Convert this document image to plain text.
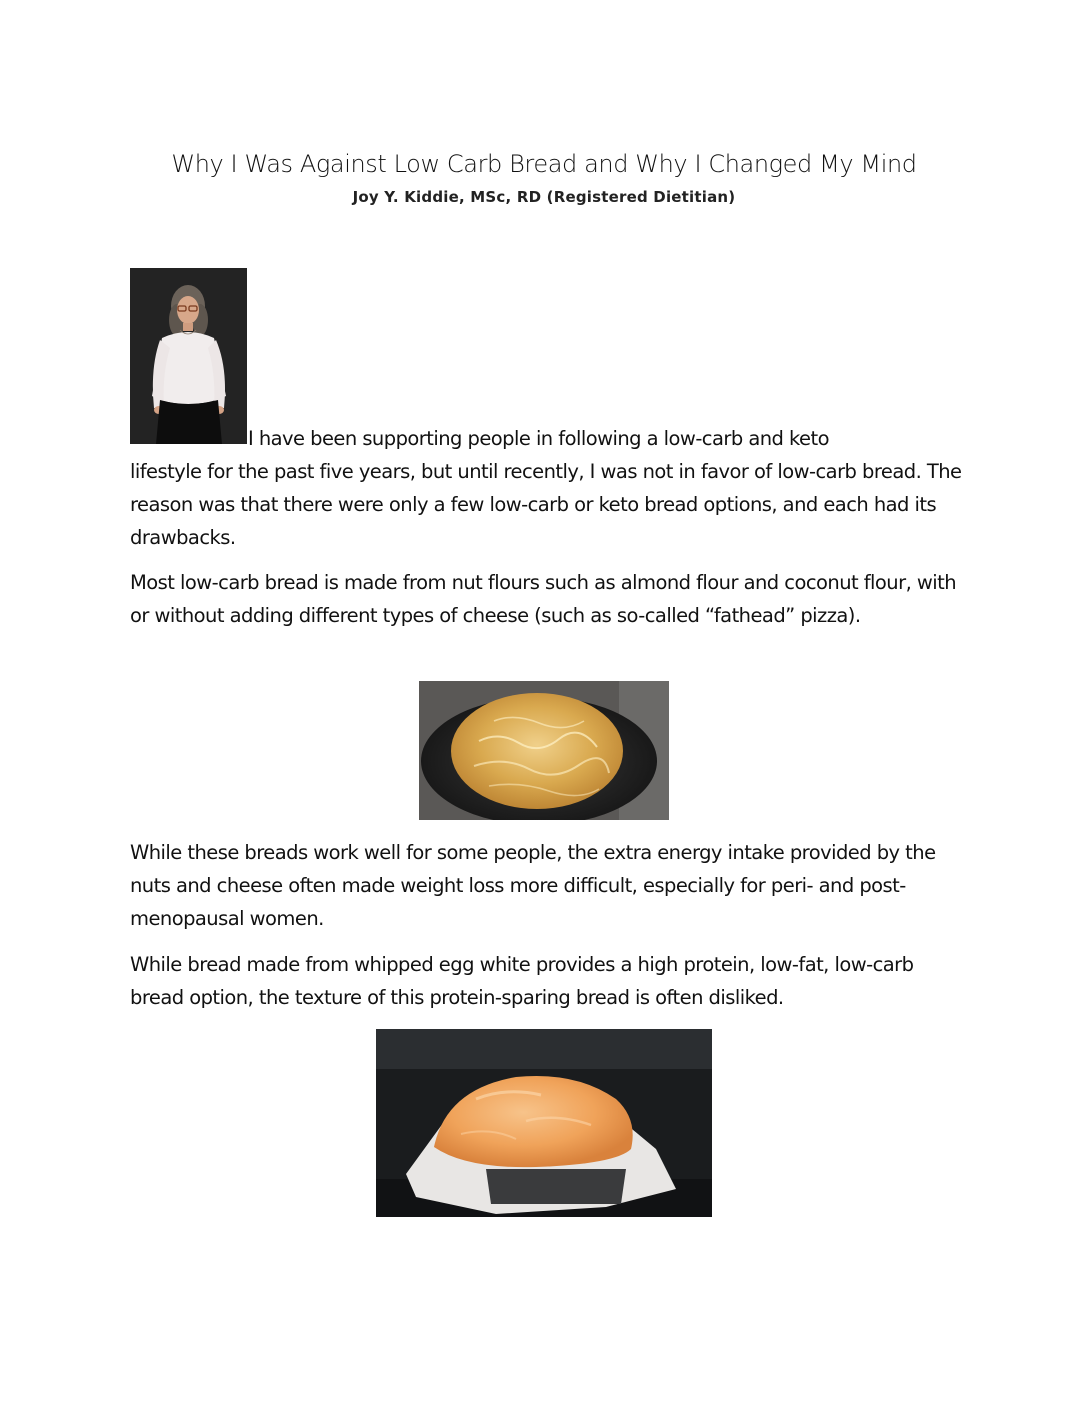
Why I Was Against Low Carb Bread and Why I Changed My Mind
Joy Y. Kiddie, MSc, RD (Registered Dietitian)
I have been supporting people in following a low-carb and keto
lifestyle for the past five years, but until recently, I was not in favor of low-carb bread. The reason was that there were only a few low-carb or keto bread options, and each had its drawbacks.
Most low-carb bread is made from nut flours such as almond flour and coconut flour, with or without adding different types of cheese (such as so-called “fathead” pizza).
While these breads work well for some people, the extra energy intake provided by the nuts and cheese often made weight loss more difficult, especially for peri- and post-menopausal women.
While bread made from whipped egg white provides a high protein, low-fat, low-carb bread option, the texture of this protein-sparing bread is often disliked.
